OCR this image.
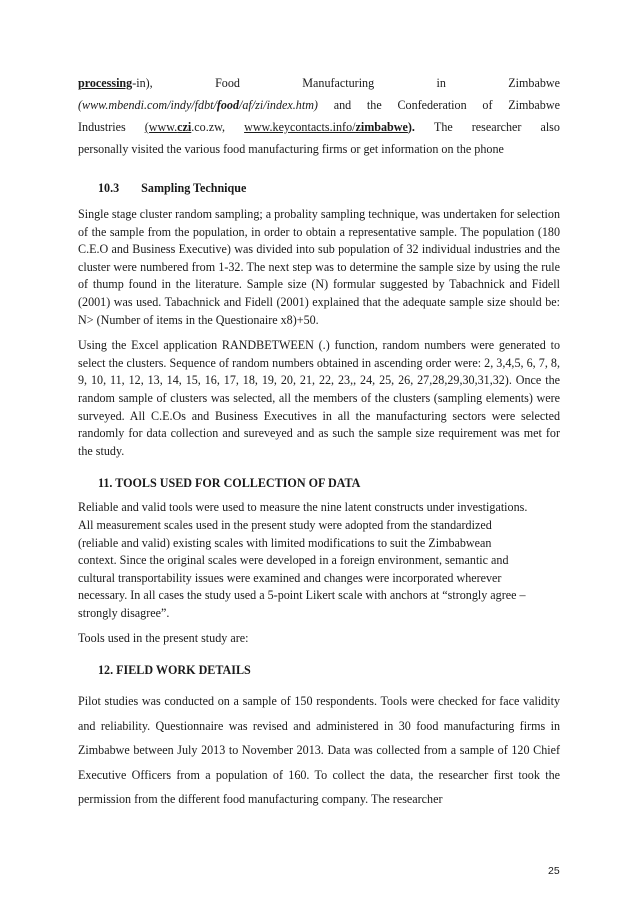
processing-in),	Food	Manufacturing	in	Zimbabwe
(www.mbendi.com/indy/fdbt/food/af/zi/index.htm) and the Confederation of Zimbabwe
Industries (www.czi.co.zw, www.keycontacts.info/zimbabwe). The researcher also
personally visited the various food manufacturing firms or get information on the phone
10.3 Sampling Technique

Single stage cluster random sampling; a probality sampling technique, was undertaken for selection of the sample from the population, in order to obtain a representative sample. The population (180 C.E.O and Business Executive) was divided into sub population of 32 individual industries and the cluster were numbered from 1-32. The next step was to determine the sample size by using the rule of thump found in the literature. Sample size (N) formular suggested by Tabachnick and Fidell (2001) was used. Tabachnick and Fidell (2001) explained that the adequate sample size should be: N> (Number of items in the Questionaire x8)+50.

Using the Excel application RANDBETWEEN (.) function, random numbers were generated to select the clusters. Sequence of random numbers obtained in ascending order were: 2, 3,4,5, 6, 7, 8, 9, 10, 11, 12, 13, 14, 15, 16, 17, 18, 19, 20, 21, 22, 23,, 24, 25, 26, 27,28,29,30,31,32). Once the random sample of clusters was selected, all the members of the clusters (sampling elements) were surveyed. All C.E.Os and Business Executives in all the manufacturing sectors were selected randomly for data collection and sureveyed and as such the sample size requirement was met for the study.

11. TOOLS USED FOR COLLECTION OF DATA
Reliable and valid tools were used to measure the nine latent constructs under investigations.
All measurement scales used in the present study were adopted from the standardized
(reliable and valid) existing scales with limited modifications to suit the Zimbabwean
context. Since the original scales were developed in a foreign environment, semantic and
cultural transportability issues were examined and changes were incorporated wherever
necessary. In all cases the study used a 5-point Likert scale with anchors at “strongly agree –
strongly disagree”.

Tools used in the present study are:

12. FIELD WORK DETAILS

Pilot studies was conducted on a sample of 150 respondents. Tools were checked for face validity and reliability. Questionnaire was revised and administered in 30 food manufacturing firms in Zimbabwe between July 2013 to November 2013. Data was collected from a sample of 120 Chief Executive Officers from a population of 160. To collect the data, the researcher first took the permission from the different food manufacturing company. The researcher

25
